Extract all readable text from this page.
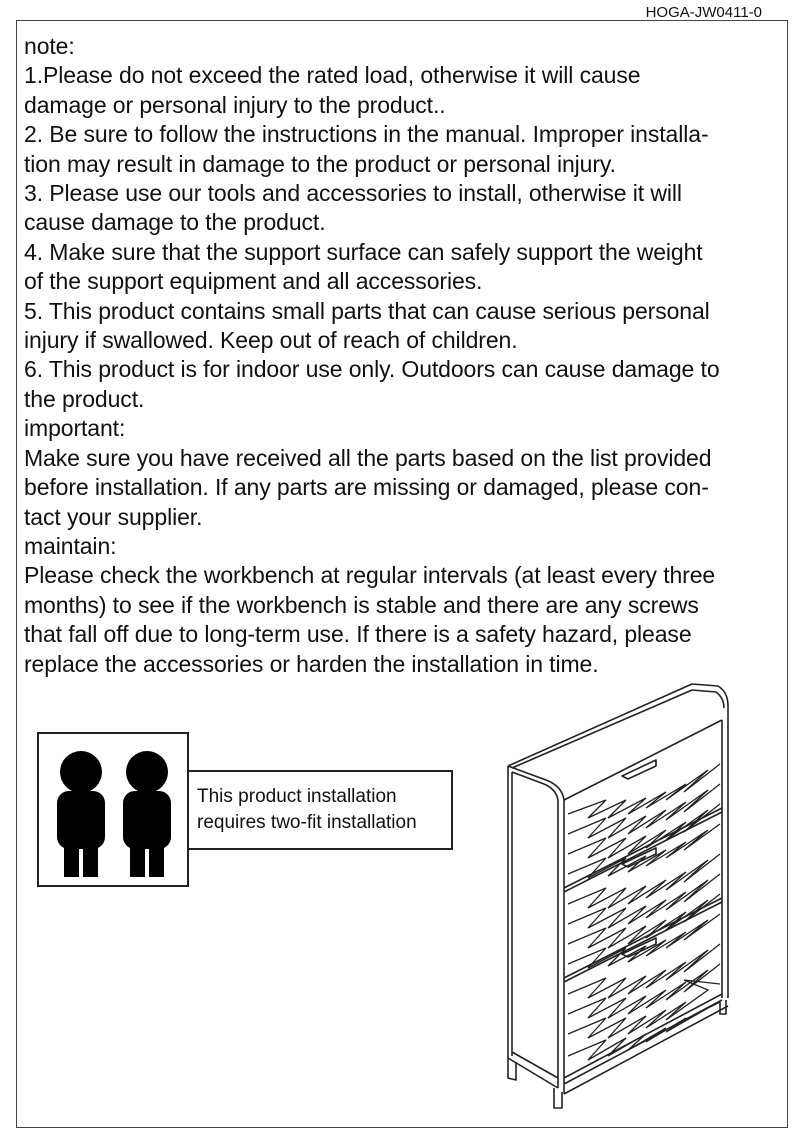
HOGA-JW0411-0
note:
1.Please do not exceed the rated load, otherwise it will cause
damage or personal injury to the product..
2. Be sure to follow the instructions in the manual. Improper installa-
tion may result in damage to the product or personal injury.
3. Please use our tools and accessories to install, otherwise it will
cause damage to the product.
4. Make sure that the support surface can safely support the weight
of the support equipment and all accessories.
5. This product contains small parts that can cause serious personal
injury if swallowed. Keep out of reach of children.
6. This product is for indoor use only. Outdoors can cause damage to
the product.
important:
Make sure you have received all the parts based on the list provided
before installation. If any parts are missing or damaged, please con-
tact your supplier.
maintain:
Please check the workbench at regular intervals (at least every three
months) to see if the workbench is stable and there are any screws
that fall off due to long-term use. If there is a safety hazard, please
replace the accessories or harden the installation in time.
This product installation
requires two-fit installation
